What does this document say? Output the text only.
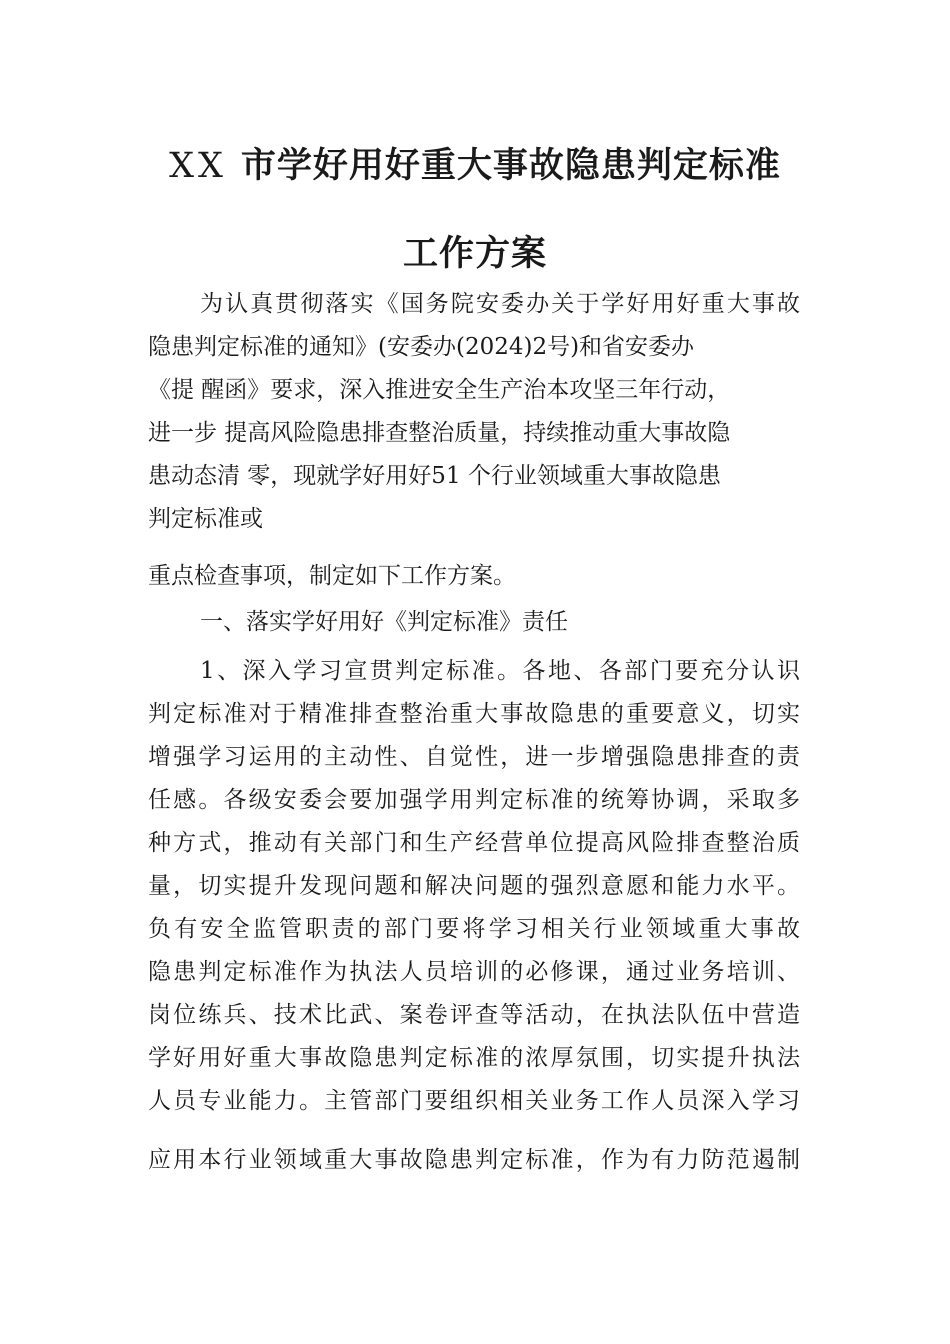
XX 市学好用好重大事故隐患判定标准
工作方案
为认真贯彻落实《国务院安委办关于学好用好重大事故
隐患判定标准的通知》(安委办(2024)2号)和省安委办
《提 醒函》要求，深入推进安全生产治本攻坚三年行动，
进一步 提高风险隐患排查整治质量，持续推动重大事故隐
患动态清 零，现就学好用好51 个行业领域重大事故隐患
判定标准或
重点检查事项，制定如下工作方案。
一、落实学好用好《判定标准》责任
1、深入学习宣贯判定标准。各地、各部门要充分认识
判定标准对于精准排查整治重大事故隐患的重要意义，切实
增强学习运用的主动性、自觉性，进一步增强隐患排查的责
任感。各级安委会要加强学用判定标准的统筹协调，采取多
种方式，推动有关部门和生产经营单位提高风险排查整治质
量，切实提升发现问题和解决问题的强烈意愿和能力水平。
负有安全监管职责的部门要将学习相关行业领域重大事故
隐患判定标准作为执法人员培训的必修课，通过业务培训、
岗位练兵、技术比武、案卷评查等活动，在执法队伍中营造
学好用好重大事故隐患判定标准的浓厚氛围，切实提升执法
人员专业能力。主管部门要组织相关业务工作人员深入学习
应用本行业领域重大事故隐患判定标准，作为有力防范遏制
